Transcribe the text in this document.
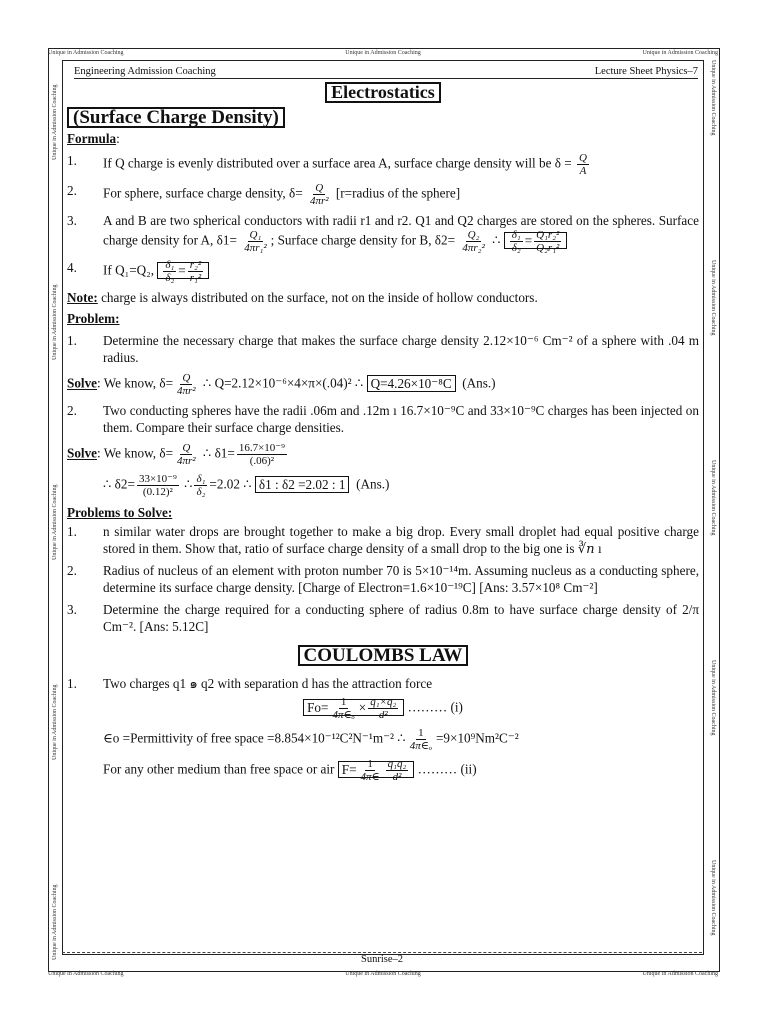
Unique in Admission Coaching	Unique in Admission Coaching	Unique in Admission Coaching
Unique in Admission Coaching	Unique in Admission Coaching	Unique in Admission Coaching
Unique in Admission Coaching
Unique in Admission Coaching
Unique in Admission Coaching
Unique in Admission Coaching
Unique in Admission Coaching
Unique in Admission Coaching
Unique in Admission Coaching
Unique in Admission Coaching
Unique in Admission Coaching
Unique in Admission Coaching
Engineering Admission Coaching	Lecture Sheet Physics–7
Electrostatics
(Surface Charge Density)
Formula:
1.	If Q charge is evenly distributed over a surface area A, surface charge density will be $\delta = \frac{Q}{A}$
2.	For sphere, surface charge density, $\delta= \frac{Q}{\text{4πr²}}$ [r=radius of the sphere]
3.	A and B are two spherical conductors with radii r1 and r2. Q1 and Q2 charges are stored on the spheres. Surface charge density for A, $\delta 1= \frac{\text{Q₁}}{\text{4πr₁²}}$ ; Surface charge density for B, $\delta 2= \frac{\text{Q₂}}{\text{4πr₂²}}$ ∴ $\frac{\text{δ₁}}{\text{δ₂}} = \frac{\text{Q₁r₂²}}{\text{Q₂r₁²}}$
4.	If Q₁=Q₂, $\frac{\text{δ₁}}{\text{δ₂}} = \frac{\text{r₂²}}{\text{r₁²}}$
Note: charge is always distributed on the surface, not on the inside of hollow conductors.
Problem:
1.	Determine the necessary charge that makes the surface charge density 2.12×10⁻⁶ Cm⁻² of a sphere with .04 m radius.
Solve: We know, $\delta= \frac{Q}{\text{4πr²}}$ ∴ Q=2.12×10⁻⁶×4×π×(.04)² ∴ Q=4.26×10⁻⁸C (Ans.)
2.	Two conducting spheres have the radii .06m and .12m ı 16.7×10⁻⁹C and 33×10⁻⁹C charges has been injected on them. Compare their surface charge densities.
Solve: We know, $\delta= \frac{Q}{\text{4πr²}}$ ∴ $\delta 1= \frac{\text{16.7×10⁻⁹}}{\text{(.06)²}}$
∴ $\delta 2= \frac{\text{33×10⁻⁹}}{\text{(0.12)²}}$ ∴ $\frac{\text{δ₁}}{\text{δ₂}} =2.02$ ∴ δ1 : δ2 =2.02 : 1 (Ans.)
Problems to Solve:
1.	n similar water drops are brought together to make a big drop. Every small droplet had equal positive charge stored in them. Show that, ratio of surface charge density of a small drop to the big one is ∛𝑛 ı
2.	Radius of nucleus of an element with proton number 70 is 5×10⁻¹⁴m. Assuming nucleus as a conducting sphere, determine its surface charge density. [Charge of Electron=1.6×10⁻¹⁹C] [Ans: 3.57×10⁸ Cm⁻²]
3.	Determine the charge required for a conducting sphere of radius 0.8m to have surface charge density of 2/π Cm⁻². [Ans: 5.12C]
COULOMBS LAW
1.	Two charges q1 ๑ q2 with separation d has the attraction force
$Fo= \frac{1}{\text{4π∈ₒ}} \times \frac{\text{q₁×q₂}}{\text{d²}}$ ……… (i)
∈o =Permittivity of free space =8.854×10⁻¹²C²N⁻¹m⁻² ∴ $\frac{1}{\text{4π∈ₒ}} =9\times 10^9Nm^2C^{-2}$
For any other medium than free space or air $F= \frac{1}{4\pi\in} \frac{\text{q₁q₂}}{\text{d²}}$ ……… (ii)
Sunrise–2
